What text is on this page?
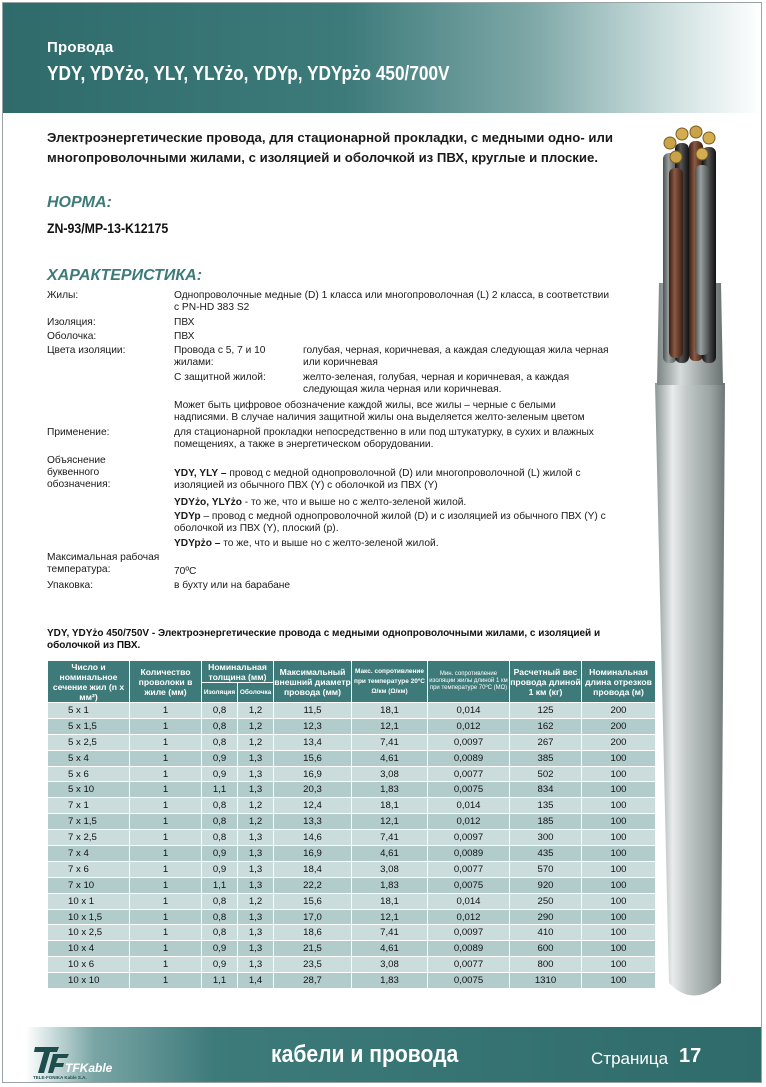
Провода
YDY, YDYżo, YLY, YLYżo, YDYp, YDYpżo 450/700V
Электроэнергетические провода, для стационарной прокладки, с медными одно- или многопроволочными жилами, с изоляцией и оболочкой из ПВХ, круглые и плоские.
НОРМА:
ZN-93/MP-13-K12175
ХАРАКТЕРИСТИКА:
Жилы:	Однопроволочные медные (D) 1 класса или многопроволочная (L) 2 класса, в соответствии с PN-HD 383 S2
Изоляция:	ПВХ
Оболочка:	ПВХ
Цвета изоляции:	Провода с 5, 7 и 10 жилами:
голубая, черная, коричневая, а каждая следующая жила черная или коричневая
С защитной жилой:	желто-зеленая, голубая, черная и коричневая, а каждая следующая жила черная или коричневая.
Может быть цифровое обозначение каждой жилы, все жилы – черные с белыми надписями. В случае наличия защитной жилы она выделяется желто-зеленым цветом
Применение:	для стационарной прокладки непосредственно в или под штукатурку, в сухих и влажных помещениях, а также в энергетическом оборудовании.
Объяснение буквенного обозначения:
YDY, YLY – провод с медной однопроволочной (D) или многопроволочной (L) жилой с изоляцией из обычного ПВХ (Y) с оболочкой из ПВХ (Y)
YDYżo, YLYżo - то же, что и выше но с желто-зеленой жилой.
YDYp – провод с медной однопроволочной жилой (D) и с изоляцией из обычного ПВХ (Y) с оболочкой из ПВХ (Y), плоский (p).
YDYpżo – то же, что и выше но с желто-зеленой жилой.
Максимальная рабочая температура:	70ºC
Упаковка:	в бухту или на барабане
YDY, YDYżo 450/750V - Электроэнергетические провода с медными однопроволочными жилами, с изоляцией и оболочкой из ПВХ.
Число и номинальное сечение жил (n x мм²)	Количество проволоки в жиле (мм)	Номинальная толщина (мм)		Максимальный внешний диаметр провода (мм)	Макс. сопротивление при температуре 20ºC Ω/км (Ω/км)	Мин. сопротивление изоляции жилы длиной 1 км при температуре 70ºC (MΩ)	Расчетный вес провода длиной 1 км (кг)	Номинальная длина отрезков провода (м)
		Изоляция	Оболочка					
5 x 1	1	0,8	1,2	11,5	18,1	0,014	125	200
5 x 1,5	1	0,8	1,2	12,3	12,1	0,012	162	200
5 x 2,5	1	0,8	1,2	13,4	7,41	0,0097	267	200
5 x 4	1	0,9	1,3	15,6	4,61	0,0089	385	100
5 x 6	1	0,9	1,3	16,9	3,08	0,0077	502	100
5 x 10	1	1,1	1,3	20,3	1,83	0,0075	834	100
7 x 1	1	0,8	1,2	12,4	18,1	0,014	135	100
7 x 1,5	1	0,8	1,2	13,3	12,1	0,012	185	100
7 x 2,5	1	0,8	1,3	14,6	7,41	0,0097	300	100
7 x 4	1	0,9	1,3	16,9	4,61	0,0089	435	100
7 x 6	1	0,9	1,3	18,4	3,08	0,0077	570	100
7 x 10	1	1,1	1,3	22,2	1,83	0,0075	920	100
10 x 1	1	0,8	1,2	15,6	18,1	0,014	250	100
10 x 1,5	1	0,8	1,3	17,0	12,1	0,012	290	100
10 x 2,5	1	0,8	1,3	18,6	7,41	0,0097	410	100
10 x 4	1	0,9	1,3	21,5	4,61	0,0089	600	100
10 x 6	1	0,9	1,3	23,5	3,08	0,0077	800	100
10 x 10	1	1,1	1,4	28,7	1,83	0,0075	1310	100
TFKable
TELE-FONIKA Kable S.A.
кабели и провода	Страница 17
